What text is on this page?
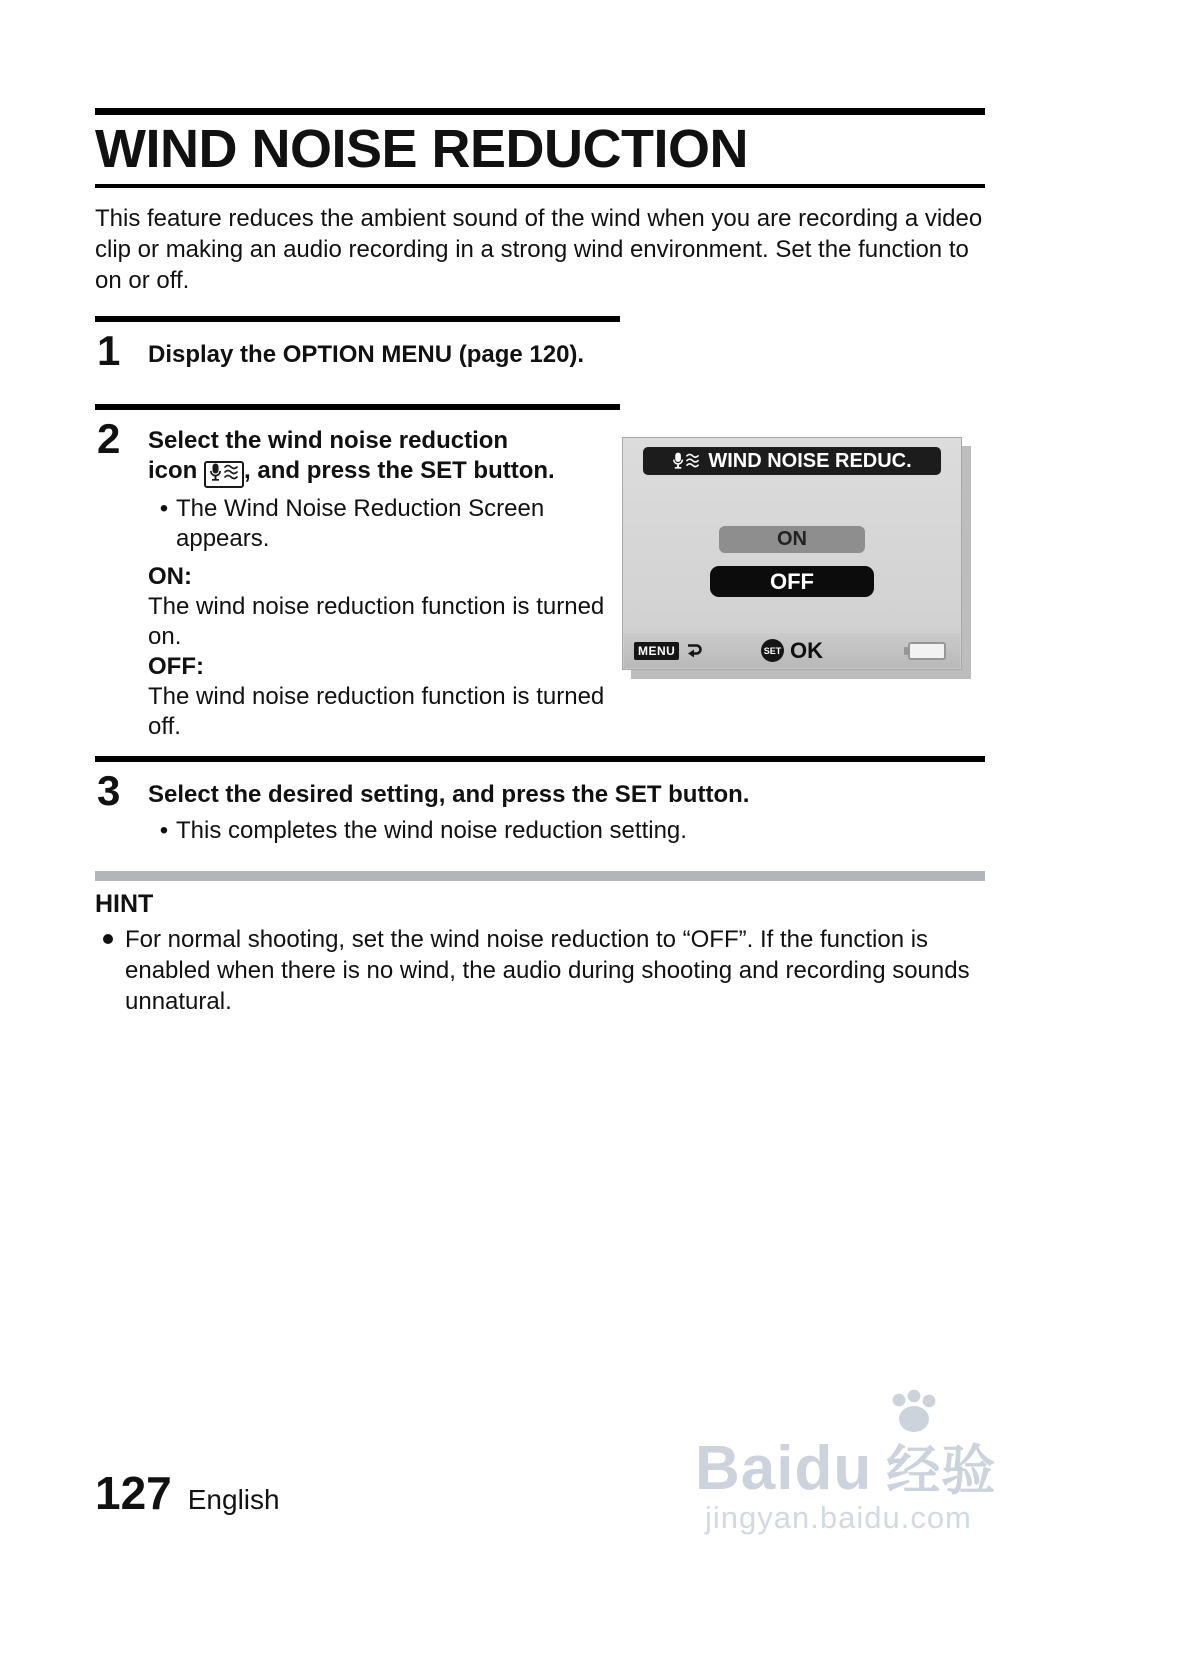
WIND NOISE REDUCTION

This feature reduces the ambient sound of the wind when you are recording a video clip or making an audio recording in a strong wind environment. Set the function to on or off.

1 Display the OPTION MENU (page 120).

2 Select the wind noise reduction
icon , and press the SET button.

• The Wind Noise Reduction Screen appears.

ON:

The wind noise reduction function is turned on.

OFF:

The wind noise reduction function is turned off.

WIND NOISE REDUC.
ON
OFF
MENU	SET OK
3 Select the desired setting, and press the SET button.

• This completes the wind noise reduction setting.
HINT
For normal shooting, set the wind noise reduction to “OFF”. If the function is enabled when there is no wind, the audio during shooting and recording sounds unnatural.
127 English	Baidu 经验
jingyan.baidu.com
